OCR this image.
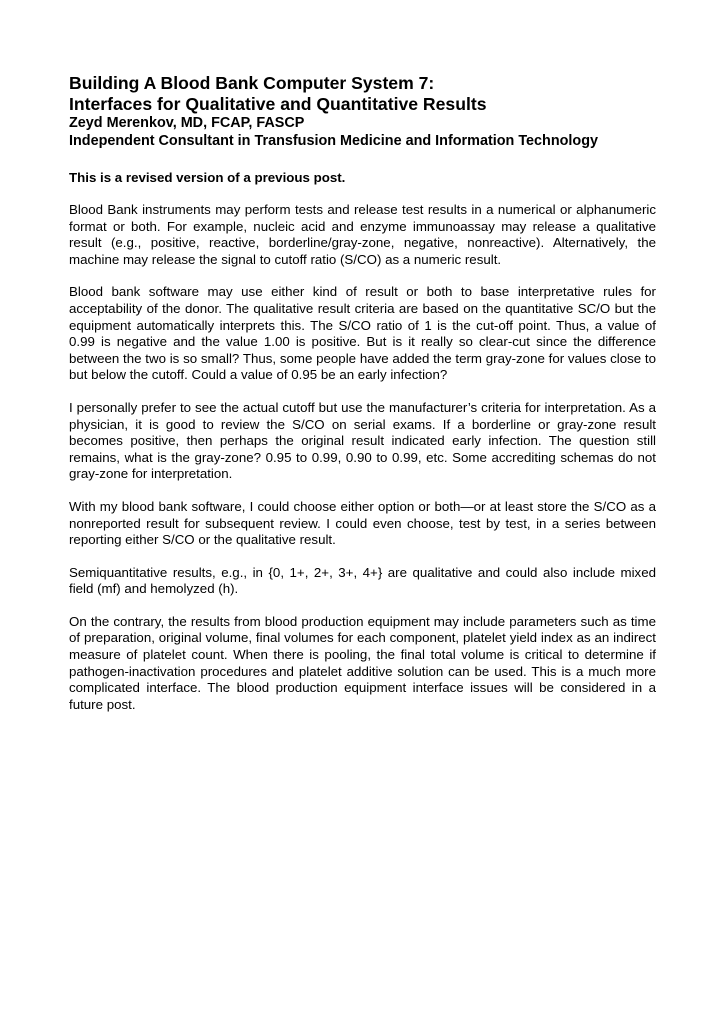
Building A Blood Bank Computer System 7:
Interfaces for Qualitative and Quantitative Results
Zeyd Merenkov, MD, FCAP, FASCP
Independent Consultant in Transfusion Medicine and Information Technology
This is a revised version of a previous post.

Blood Bank instruments may perform tests and release test results in a numerical or alphanumeric format or both. For example, nucleic acid and enzyme immunoassay may release a qualitative result (e.g., positive, reactive, borderline/gray-zone, negative, nonreactive). Alternatively, the machine may release the signal to cutoff ratio (S/CO) as a numeric result.

Blood bank software may use either kind of result or both to base interpretative rules for acceptability of the donor. The qualitative result criteria are based on the quantitative SC/O but the equipment automatically interprets this. The S/CO ratio of 1 is the cut-off point. Thus, a value of 0.99 is negative and the value 1.00 is positive. But is it really so clear-cut since the difference between the two is so small? Thus, some people have added the term gray-zone for values close to but below the cutoff. Could a value of 0.95 be an early infection?

I personally prefer to see the actual cutoff but use the manufacturer’s criteria for interpretation. As a physician, it is good to review the S/CO on serial exams. If a borderline or gray-zone result becomes positive, then perhaps the original result indicated early infection. The question still remains, what is the gray-zone? 0.95 to 0.99, 0.90 to 0.99, etc. Some accrediting schemas do not gray-zone for interpretation.

With my blood bank software, I could choose either option or both—or at least store the S/CO as a nonreported result for subsequent review. I could even choose, test by test, in a series between reporting either S/CO or the qualitative result.

Semiquantitative results, e.g., in {0, 1+, 2+, 3+, 4+} are qualitative and could also include mixed field (mf) and hemolyzed (h).

On the contrary, the results from blood production equipment may include parameters such as time of preparation, original volume, final volumes for each component, platelet yield index as an indirect measure of platelet count. When there is pooling, the final total volume is critical to determine if pathogen-inactivation procedures and platelet additive solution can be used. This is a much more complicated interface. The blood production equipment interface issues will be considered in a future post.
